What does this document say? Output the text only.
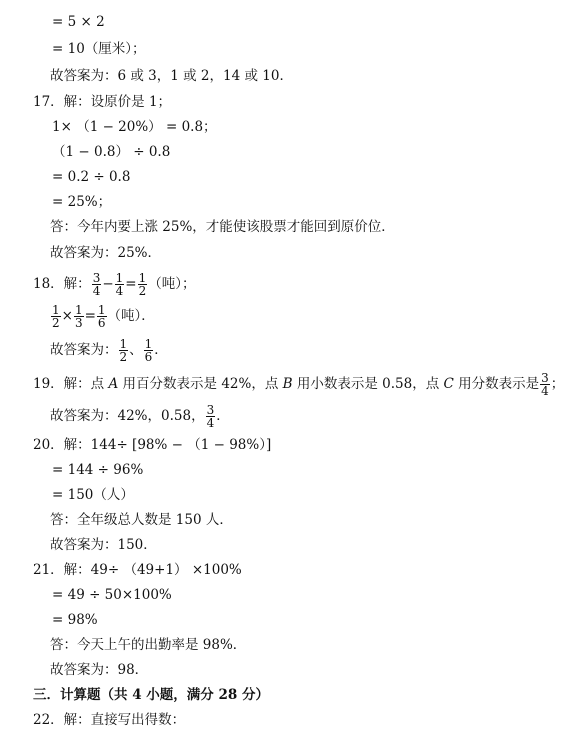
= 5 × 2
= 10（厘米）；
故答案为：6 或 3，1 或 2，14 或 10．
17．解：设原价是 1；
1× （1 − 20%） = 0.8；
（1 − 0.8） ÷ 0.8
= 0.2 ÷ 0.8
= 25%；
答：今年内要上涨 25%，才能使该股票才能回到原价位．
故答案为：25%．
18．解： $\frac{3}{4} - \frac{1}{4} = \frac{1}{2}$ （吨）；
$\frac{1}{2} \times \frac{1}{3} = \frac{1}{6}$ （吨）．
故答案为： $\frac{1}{2}$ 、 $\frac{1}{6}$ ．
19．解：点 A 用百分数表示是 42%，点 B 用小数表示是 0.58，点 C 用分数表示是 $\frac{3}{4}$ ；
故答案为：42%，0.58， $\frac{3}{4}$ ．
20．解：144÷ [98% − （1 − 98%）]
= 144 ÷ 96%
= 150（人）
答：全年级总人数是 150 人．
故答案为：150．
21．解：49÷ （49+1） ×100%
= 49 ÷ 50×100%
= 98%
答：今天上午的出勤率是 98%．
故答案为：98．
三．计算题（共 4 小题，满分 28 分）
22．解：直接写出得数：
